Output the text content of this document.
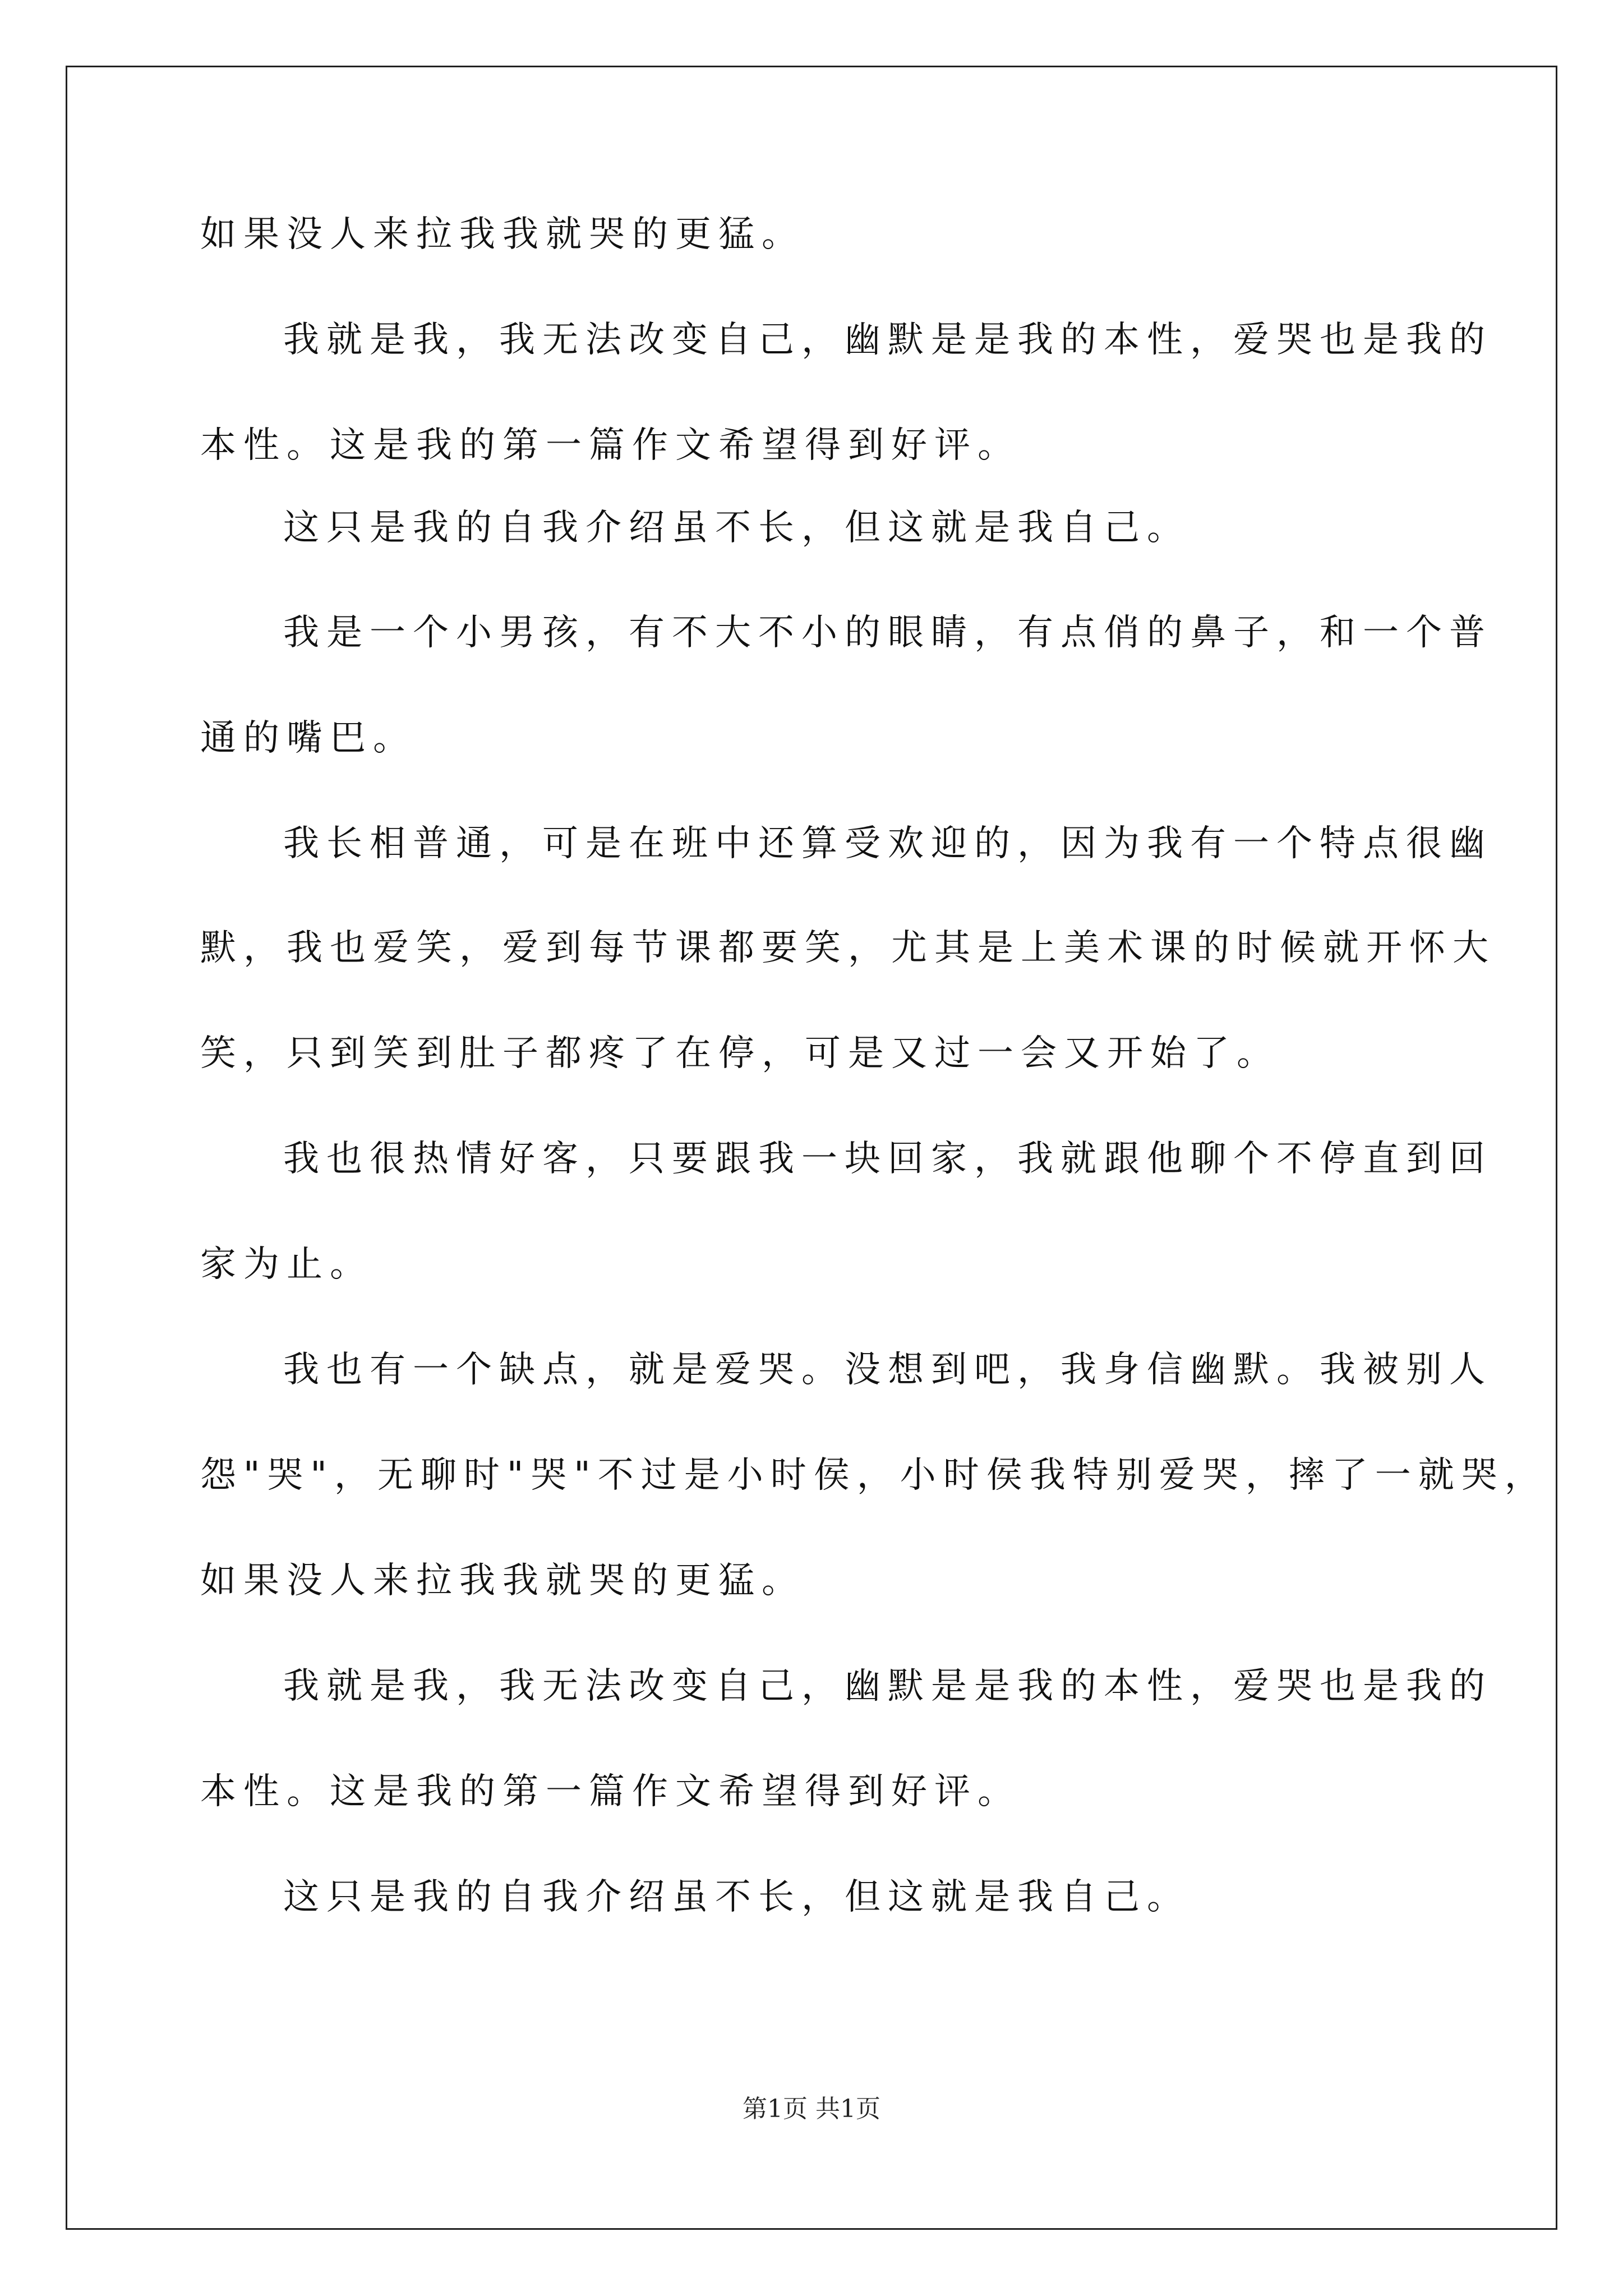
如果没人来拉我我就哭的更猛。
我就是我，我无法改变自己，幽默是是我的本性，爱哭也是我的
本性。这是我的第一篇作文希望得到好评。
这只是我的自我介绍虽不长，但这就是我自己。
我是一个小男孩，有不大不小的眼睛，有点俏的鼻子，和一个普
通的嘴巴。
我长相普通，可是在班中还算受欢迎的，因为我有一个特点很幽
默，我也爱笑，爱到每节课都要笑，尤其是上美术课的时候就开怀大
笑，只到笑到肚子都疼了在停，可是又过一会又开始了。
我也很热情好客，只要跟我一块回家，我就跟他聊个不停直到回
家为止。
我也有一个缺点，就是爱哭。没想到吧，我身信幽默。我被别人
怨"哭"，无聊时"哭"不过是小时侯，小时侯我特别爱哭，摔了一就哭，
如果没人来拉我我就哭的更猛。
我就是我，我无法改变自己，幽默是是我的本性，爱哭也是我的
本性。这是我的第一篇作文希望得到好评。
这只是我的自我介绍虽不长，但这就是我自己。
第1页 共1页
